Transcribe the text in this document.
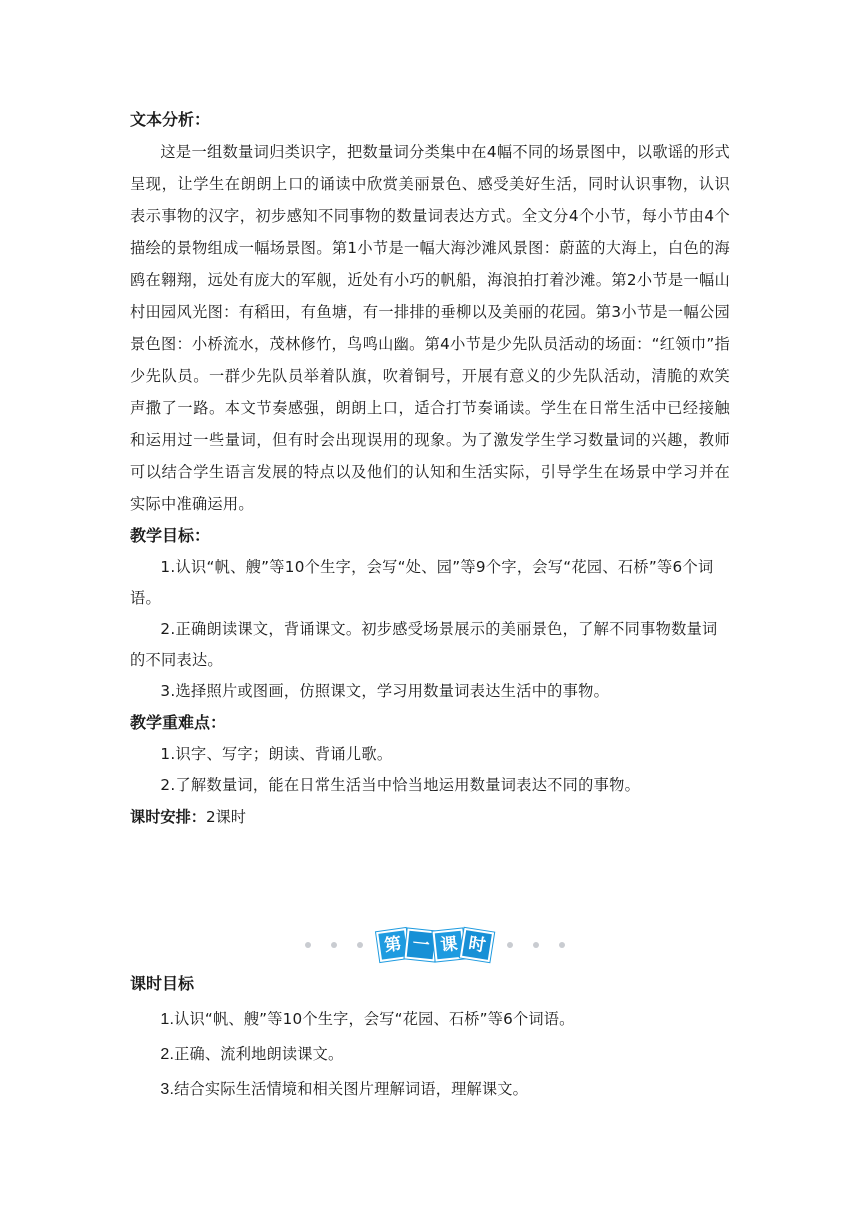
文本分析：

这是一组数量词归类识字，把数量词分类集中在4幅不同的场景图中，以歌谣的形式呈现，让学生在朗朗上口的诵读中欣赏美丽景色、感受美好生活，同时认识事物，认识表示事物的汉字，初步感知不同事物的数量词表达方式。全文分4个小节，每小节由4个描绘的景物组成一幅场景图。第1小节是一幅大海沙滩风景图：蔚蓝的大海上，白色的海鸥在翱翔，远处有庞大的军舰，近处有小巧的帆船，海浪拍打着沙滩。第2小节是一幅山村田园风光图：有稻田，有鱼塘，有一排排的垂柳以及美丽的花园。第3小节是一幅公园景色图：小桥流水，茂林修竹，鸟鸣山幽。第4小节是少先队员活动的场面：“红领巾”指少先队员。一群少先队员举着队旗，吹着铜号，开展有意义的少先队活动，清脆的欢笑声撒了一路。本文节奏感强，朗朗上口，适合打节奏诵读。学生在日常生活中已经接触和运用过一些量词，但有时会出现误用的现象。为了激发学生学习数量词的兴趣，教师可以结合学生语言发展的特点以及他们的认知和生活实际，引导学生在场景中学习并在实际中准确运用。

教学目标：

1.认识“帆、艘”等10个生字，会写“处、园”等9个字，会写“花园、石桥”等6个词语。

2.正确朗读课文，背诵课文。初步感受场景展示的美丽景色，了解不同事物数量词的不同表达。

3.选择照片或图画，仿照课文，学习用数量词表达生活中的事物。

教学重难点：

1.识字、写字；朗读、背诵儿歌。

2.了解数量词，能在日常生活当中恰当地运用数量词表达不同的事物。

课时安排：2课时

第 一 课 时

课时目标

1.认识“帆、艘”等10个生字，会写“花园、石桥”等6个词语。

2.正确、流利地朗读课文。

3.结合实际生活情境和相关图片理解词语，理解课文。
